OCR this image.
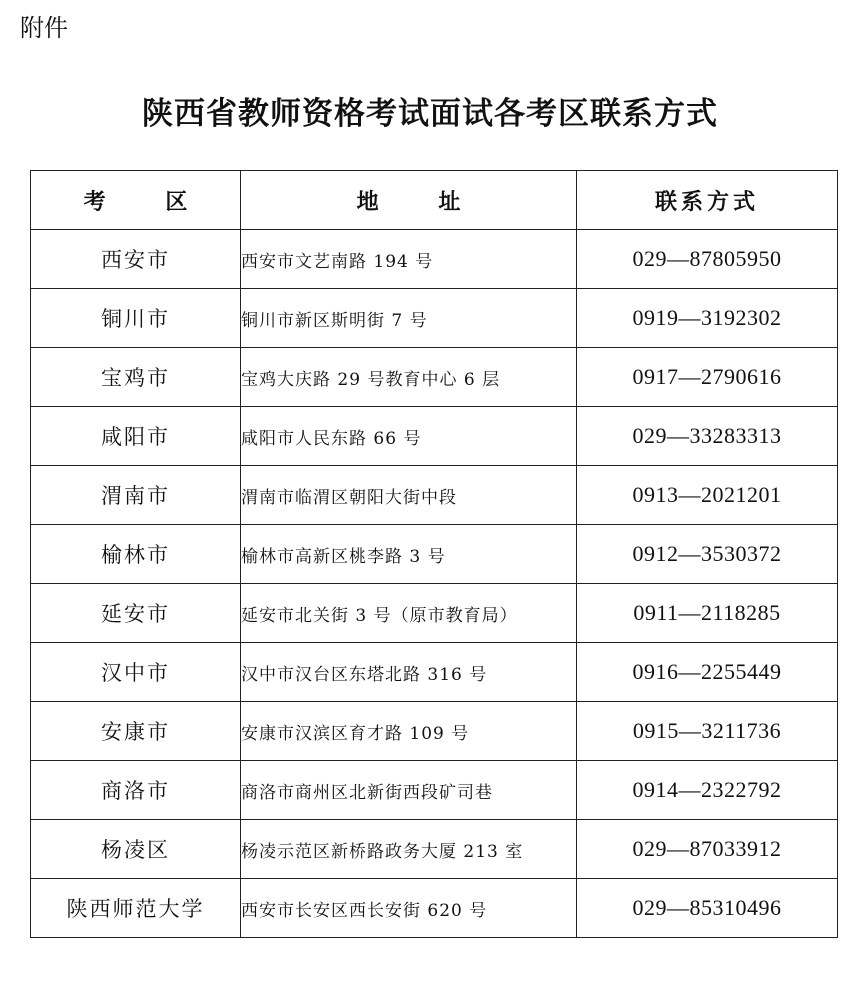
附件
陕西省教师资格考试面试各考区联系方式
考 区	地 址	联系方式
西安市	西安市文艺南路 194 号	029—87805950
铜川市	铜川市新区斯明街 7 号	0919—3192302
宝鸡市	宝鸡大庆路 29 号教育中心 6 层	0917—2790616
咸阳市	咸阳市人民东路 66 号	029—33283313
渭南市	渭南市临渭区朝阳大街中段	0913—2021201
榆林市	榆林市高新区桃李路 3 号	0912—3530372
延安市	延安市北关街 3 号（原市教育局）	0911—2118285
汉中市	汉中市汉台区东塔北路 316 号	0916—2255449
安康市	安康市汉滨区育才路 109 号	0915—3211736
商洛市	商洛市商州区北新街西段矿司巷	0914—2322792
杨凌区	杨凌示范区新桥路政务大厦 213 室	029—87033912
陕西师范大学	西安市长安区西长安街 620 号	029—85310496
